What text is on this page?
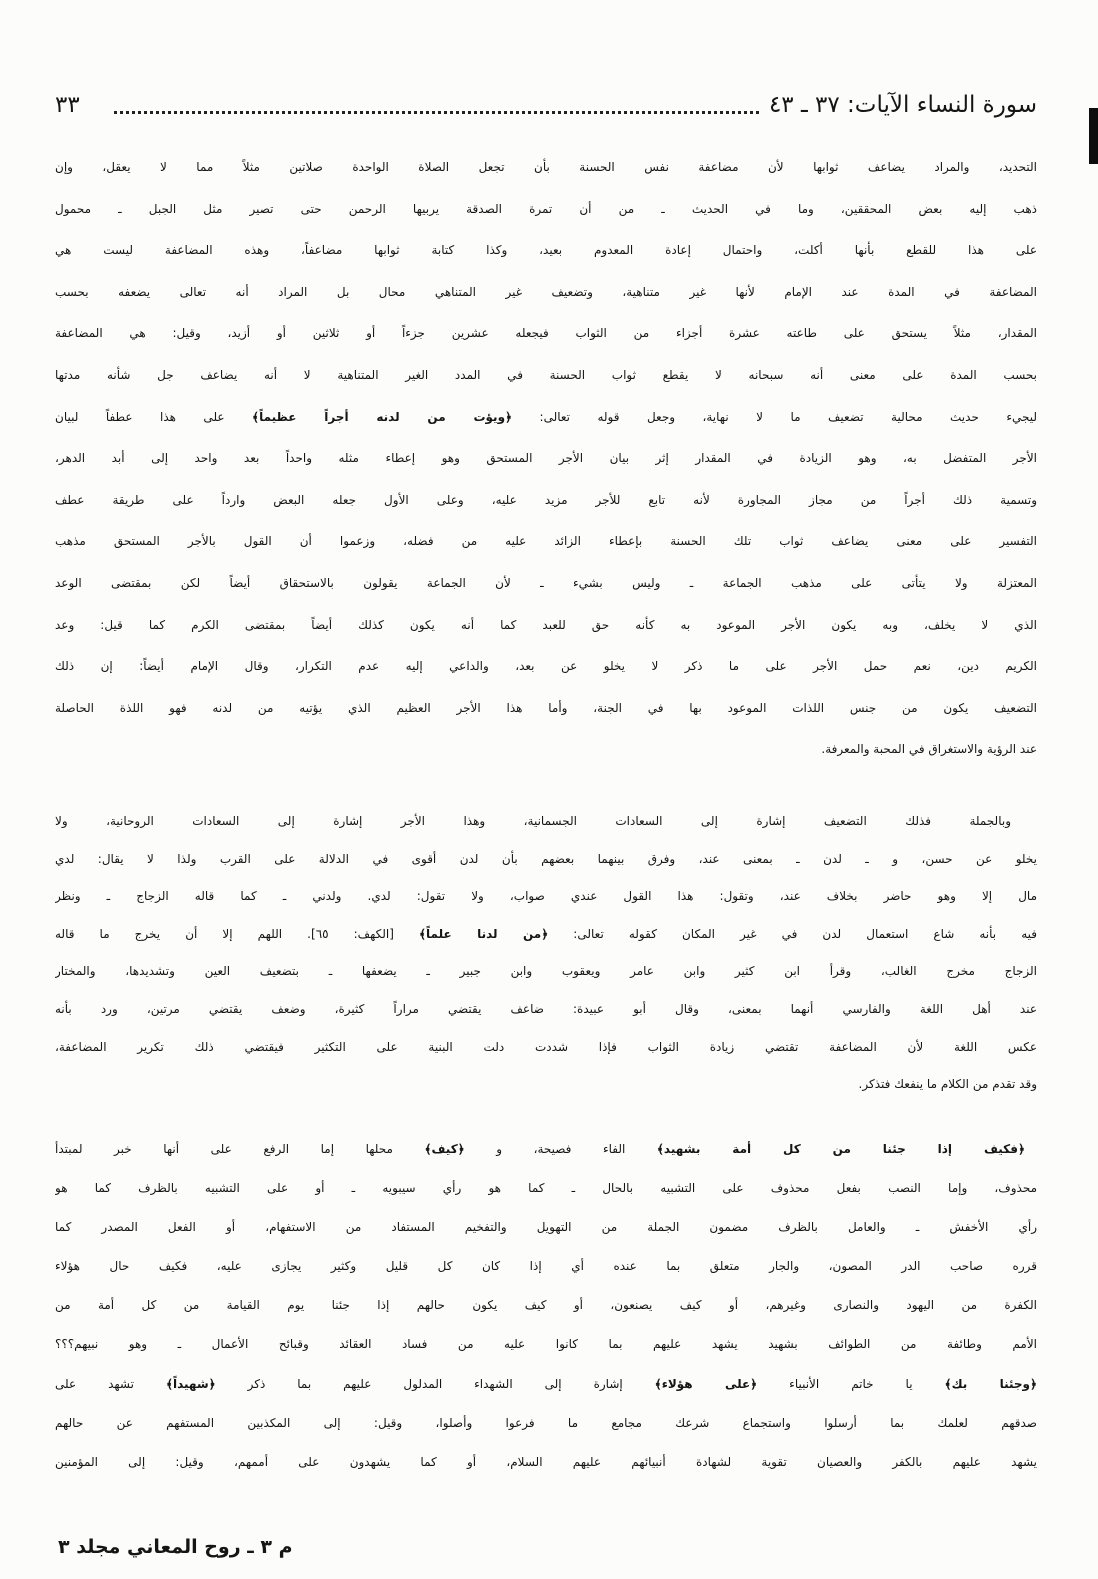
سورة النساء الآيات: ٣٧ ـ ٤٣
٣٣
التحديد، والمراد يضاعف ثوابها لأن مضاعفة نفس الحسنة بأن تجعل الصلاة الواحدة صلاتين مثلاً مما لا يعقل، وإن
ذهب إليه بعض المحققين، وما في الحديث ـ من أن تمرة الصدقة يربيها الرحمن حتى تصير مثل الجبل ـ محمول
على هذا للقطع بأنها أكلت، واحتمال إعادة المعدوم بعيد، وكذا كتابة ثوابها مضاعفاً، وهذه المضاعفة ليست هي
المضاعفة في المدة عند الإمام لأنها غير متناهية، وتضعيف غير المتناهي محال بل المراد أنه تعالى يضعفه بحسب
المقدار، مثلاً يستحق على طاعته عشرة أجزاء من الثواب فيجعله عشرين جزءاً أو ثلاثين أو أزيد، وقيل: هي المضاعفة
بحسب المدة على معنى أنه سبحانه لا يقطع ثواب الحسنة في المدد الغير المتناهية لا أنه يضاعف جل شأنه مدتها
ليجيء حديث محالية تضعيف ما لا نهاية، وجعل قوله تعالى: ﴿ويؤت من لدنه أجراً عظيماً﴾ على هذا عطفاً لبيان
الأجر المتفضل به، وهو الزيادة في المقدار إثر بيان الأجر المستحق وهو إعطاء مثله واحداً بعد واحد إلى أبد الدهر،
وتسمية ذلك أجراً من مجاز المجاورة لأنه تابع للأجر مزيد عليه، وعلى الأول جعله البعض وارداً على طريقة عطف
التفسير على معنى يضاعف ثواب تلك الحسنة بإعطاء الزائد عليه من فضله، وزعموا أن القول بالأجر المستحق مذهب
المعتزلة ولا يتأتى على مذهب الجماعة ـ وليس بشيء ـ لأن الجماعة يقولون بالاستحقاق أيضاً لكن بمقتضى الوعد
الذي لا يخلف، وبه يكون الأجر الموعود به كأنه حق للعبد كما أنه يكون كذلك أيضاً بمقتضى الكرم كما قيل: وعد
الكريم دين، نعم حمل الأجر على ما ذكر لا يخلو عن بعد، والداعي إليه عدم التكرار، وقال الإمام أيضاً: إن ذلك
التضعيف يكون من جنس اللذات الموعود بها في الجنة، وأما هذا الأجر العظيم الذي يؤتيه من لدنه فهو اللذة الحاصلة
عند الرؤية والاستغراق في المحبة والمعرفة.
وبالجملة فذلك التضعيف إشارة إلى السعادات الجسمانية، وهذا الأجر إشارة إلى السعادات الروحانية، ولا
يخلو عن حسن، و ـ لدن ـ بمعنى عند، وفرق بينهما بعضهم بأن لدن أقوى في الدلالة على القرب ولذا لا يقال: لدي
مال إلا وهو حاضر بخلاف عند، وتقول: هذا القول عندي صواب، ولا تقول: لدي. ولدني ـ كما قاله الزجاج ـ ونظر
فيه بأنه شاع استعمال لدن في غير المكان كقوله تعالى: ﴿من لدنا علماً﴾ [الكهف: ٦٥]. اللهم إلا أن يخرج ما قاله
الزجاج مخرج الغالب، وقرأ ابن كثير وابن عامر ويعقوب وابن جبير ـ يضعفها ـ بتضعيف العين وتشديدها، والمختار
عند أهل اللغة والفارسي أنهما بمعنى، وقال أبو عبيدة: ضاعف يقتضي مراراً كثيرة، وضعف يقتضي مرتين، ورد بأنه
عكس اللغة لأن المضاعفة تقتضي زيادة الثواب فإذا شددت دلت البنية على التكثير فيقتضي ذلك تكرير المضاعفة،
وقد تقدم من الكلام ما ينفعك فتذكر.
﴿فكيف إذا جئنا من كل أمة بشهيد﴾ الفاء فصيحة، و ﴿كيف﴾ محلها إما الرفع على أنها خبر لمبتدأ
محذوف، وإما النصب بفعل محذوف على التشبيه بالحال ـ كما هو رأي سيبويه ـ أو على التشبيه بالظرف كما هو
رأي الأخفش ـ والعامل بالظرف مضمون الجملة من التهويل والتفخيم المستفاد من الاستفهام، أو الفعل المصدر كما
قرره صاحب الدر المصون، والجار متعلق بما عنده أي إذا كان كل قليل وكثير يجازى عليه، فكيف حال هؤلاء
الكفرة من اليهود والنصارى وغيرهم، أو كيف يصنعون، أو كيف يكون حالهم إذا جئنا يوم القيامة من كل أمة من
الأمم وطائفة من الطوائف بشهيد يشهد عليهم بما كانوا عليه من فساد العقائد وقبائح الأعمال ـ وهو نبيهم؟؟؟
﴿وجئنا بك﴾ يا خاتم الأنبياء ﴿على هؤلاء﴾ إشارة إلى الشهداء المدلول عليهم بما ذكر ﴿شهيداً﴾ تشهد على
صدقهم لعلمك بما أرسلوا واستجماع شرعك مجامع ما فرعوا وأصلوا، وقيل: إلى المكذبين المستفهم عن حالهم
يشهد عليهم بالكفر والعصيان تقوية لشهادة أنبيائهم عليهم السلام، أو كما يشهدون على أممهم، وقيل: إلى المؤمنين
م ٣ ـ روح المعاني مجلد ٣
